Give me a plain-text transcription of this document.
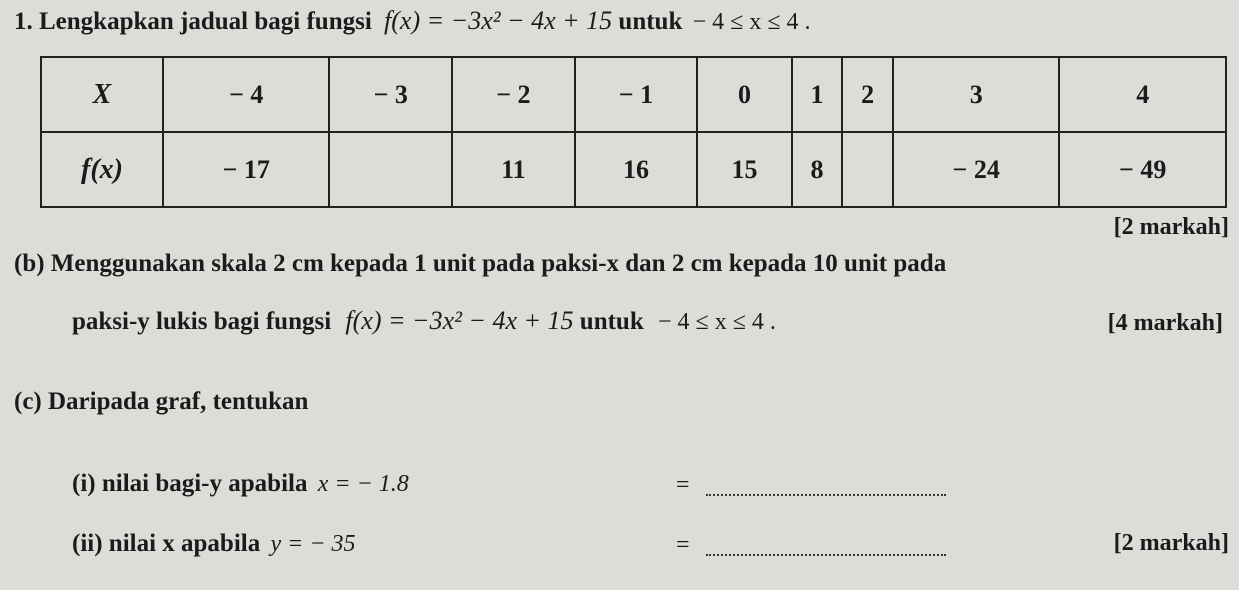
1. Lengkapkan jadual bagi fungsi f(x) = −3x² − 4x + 15 untuk − 4 ≤ x ≤ 4 .
X	− 4	− 3	− 2	− 1	0	1	2	3	4
f(x)	− 17		11	16	15	8		− 24	− 49
[2 markah]
(b) Menggunakan skala 2 cm kepada 1 unit pada paksi-x dan 2 cm kepada 10 unit pada
paksi-y lukis bagi fungsi f(x) = −3x² − 4x + 15 untuk − 4 ≤ x ≤ 4 .	[4 markah]
(c) Daripada graf, tentukan
(i) nilai bagi-y apabila x = − 1.8	=
(ii) nilai x apabila y = − 35	=	[2 markah]
